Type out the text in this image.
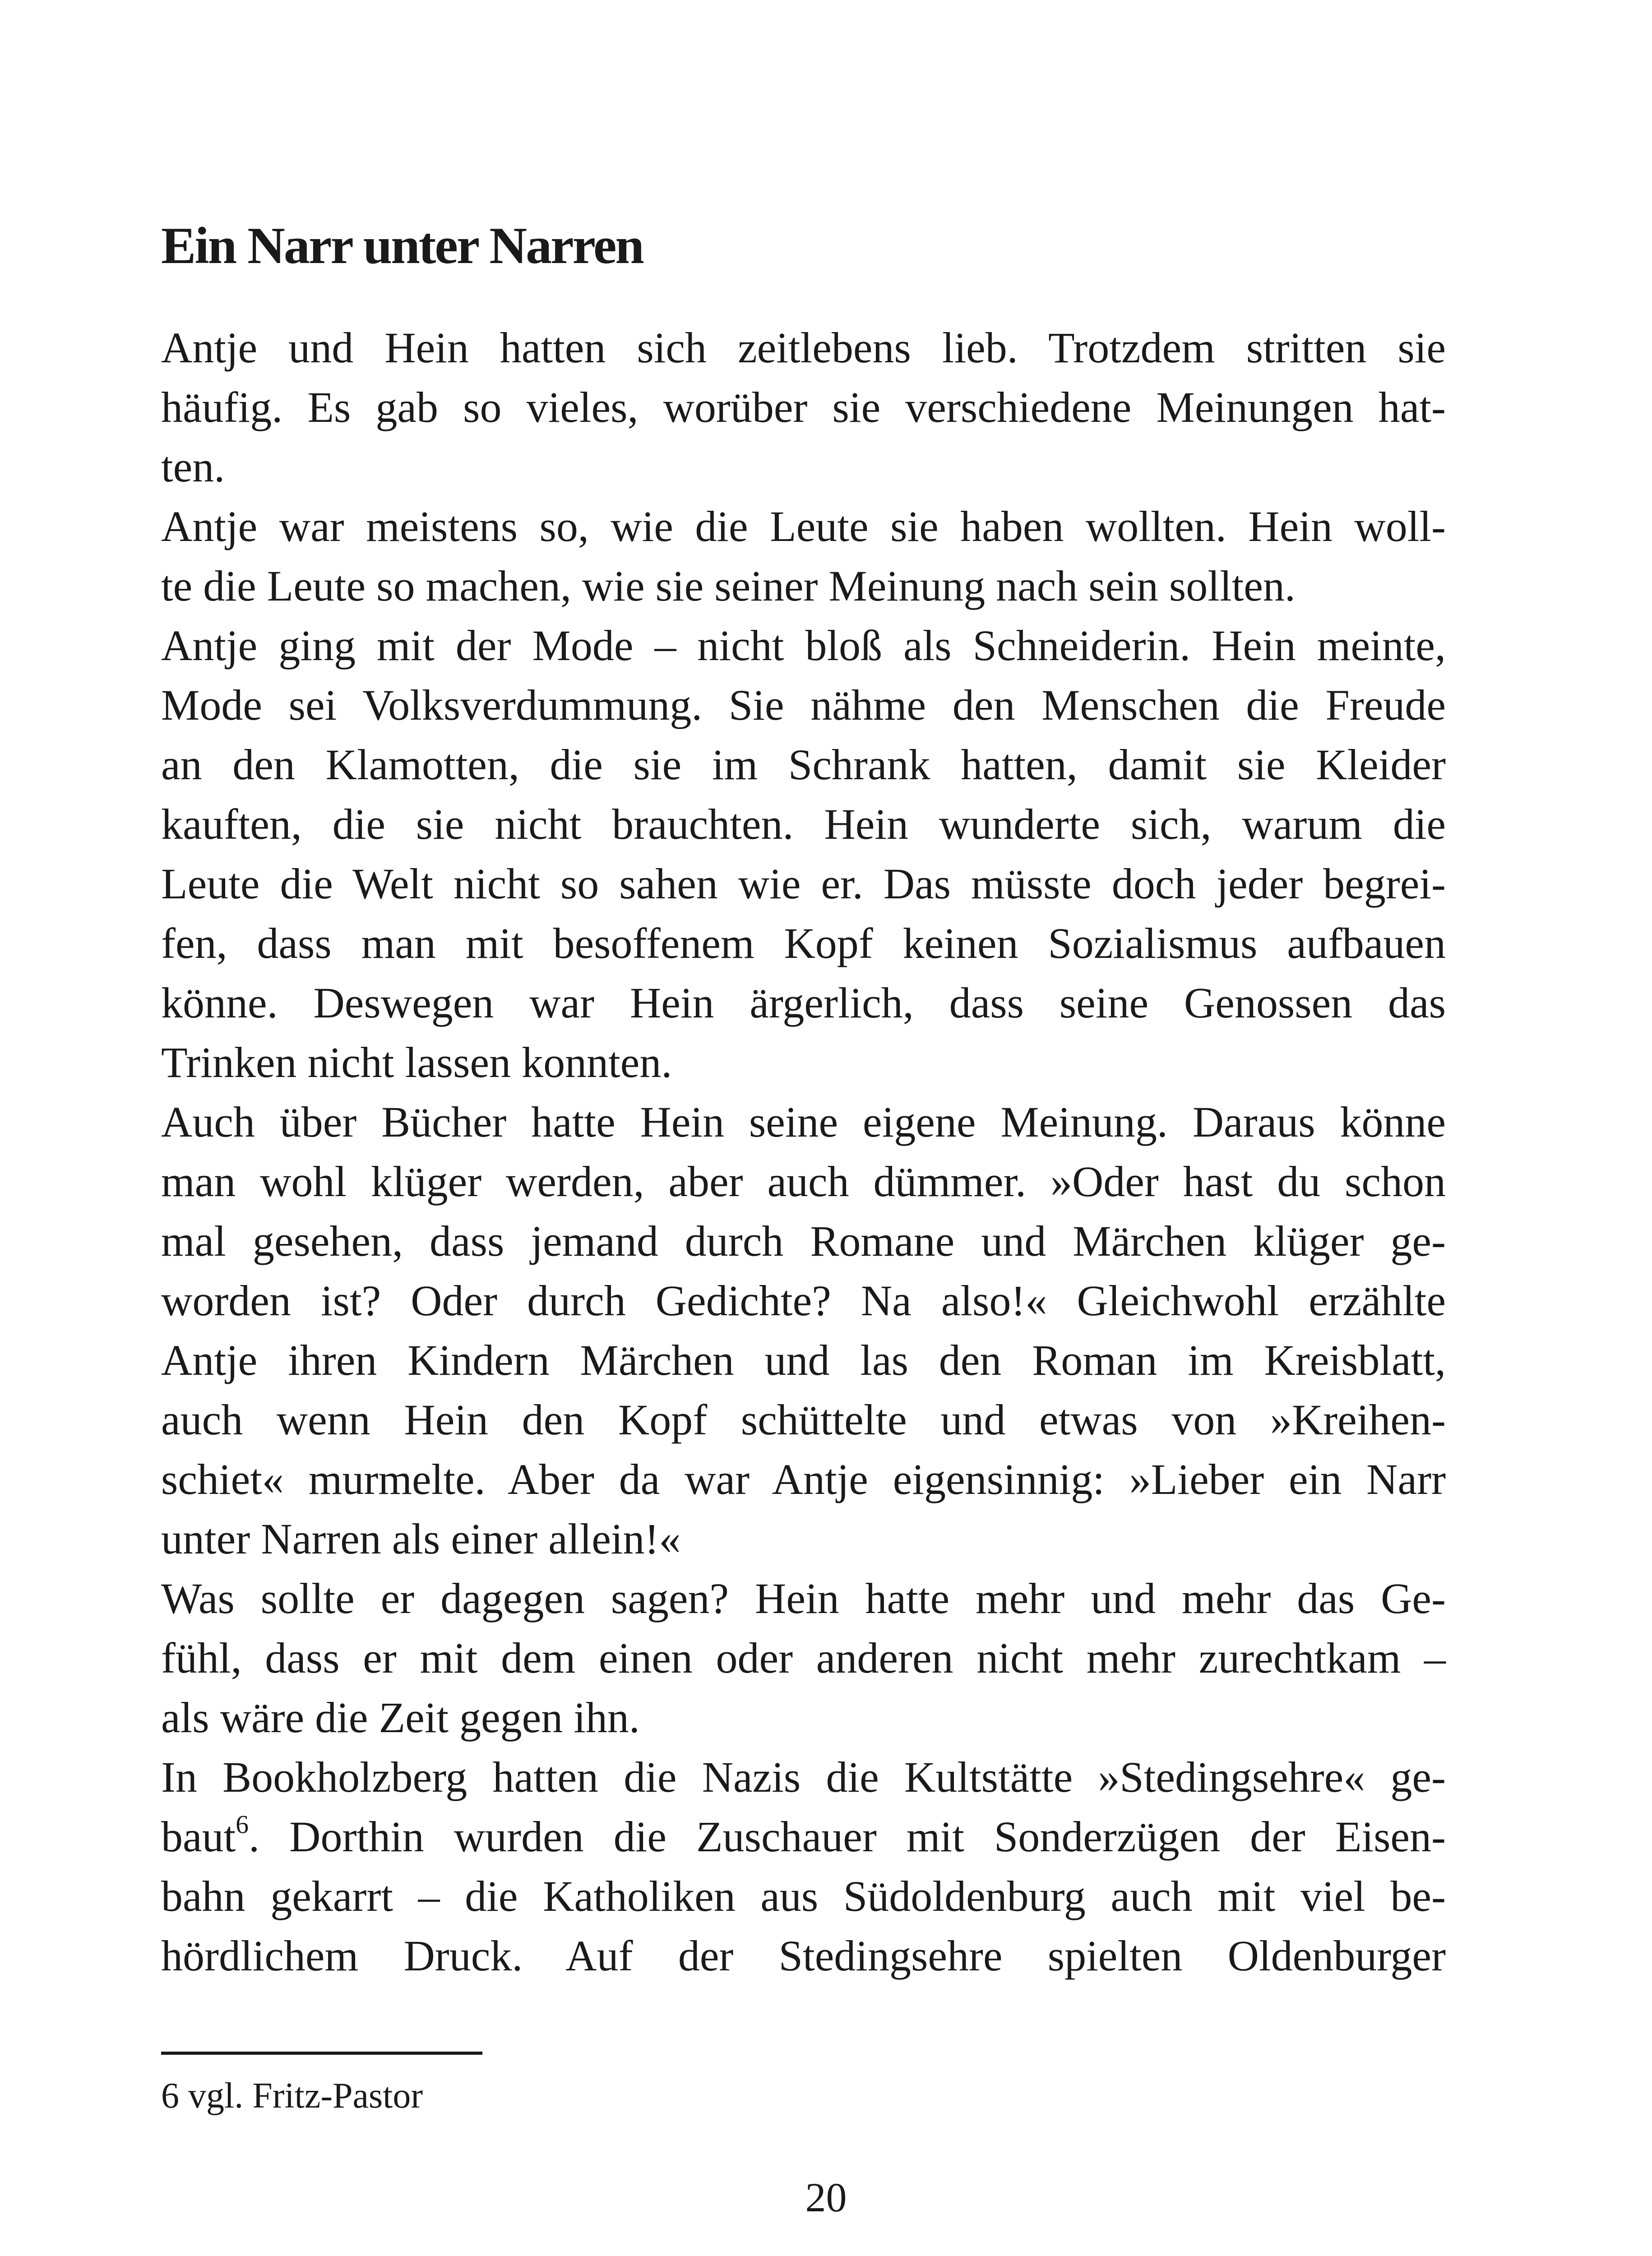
Ein Narr unter Narren
Antje und Hein hatten sich zeitlebens lieb. Trotzdem stritten sie
häufig. Es gab so vieles, worüber sie verschiedene Meinungen hat-
ten.
Antje war meistens so, wie die Leute sie haben wollten. Hein woll-
te die Leute so machen, wie sie seiner Meinung nach sein sollten.
Antje ging mit der Mode – nicht bloß als Schneiderin. Hein meinte,
Mode sei Volksverdummung. Sie nähme den Menschen die Freude
an den Klamotten, die sie im Schrank hatten, damit sie Kleider
kauften, die sie nicht brauchten. Hein wunderte sich, warum die
Leute die Welt nicht so sahen wie er. Das müsste doch jeder begrei-
fen, dass man mit besoffenem Kopf keinen Sozialismus aufbauen
könne. Deswegen war Hein ärgerlich, dass seine Genossen das
Trinken nicht lassen konnten.
Auch über Bücher hatte Hein seine eigene Meinung. Daraus könne
man wohl klüger werden, aber auch dümmer. »Oder hast du schon
mal gesehen, dass jemand durch Romane und Märchen klüger ge-
worden ist? Oder durch Gedichte? Na also!« Gleichwohl erzählte
Antje ihren Kindern Märchen und las den Roman im Kreisblatt,
auch wenn Hein den Kopf schüttelte und etwas von »Kreihen-
schiet« murmelte. Aber da war Antje eigensinnig: »Lieber ein Narr
unter Narren als einer allein!«
Was sollte er dagegen sagen? Hein hatte mehr und mehr das Ge-
fühl, dass er mit dem einen oder anderen nicht mehr zurechtkam –
als wäre die Zeit gegen ihn.
In Bookholzberg hatten die Nazis die Kultstätte »Stedingsehre« ge-
baut$^6$. Dorthin wurden die Zuschauer mit Sonderzügen der Eisen-
bahn gekarrt – die Katholiken aus Südoldenburg auch mit viel be-
hördlichem Druck. Auf der Stedingsehre spielten Oldenburger
6 vgl. Fritz-Pastor
20
